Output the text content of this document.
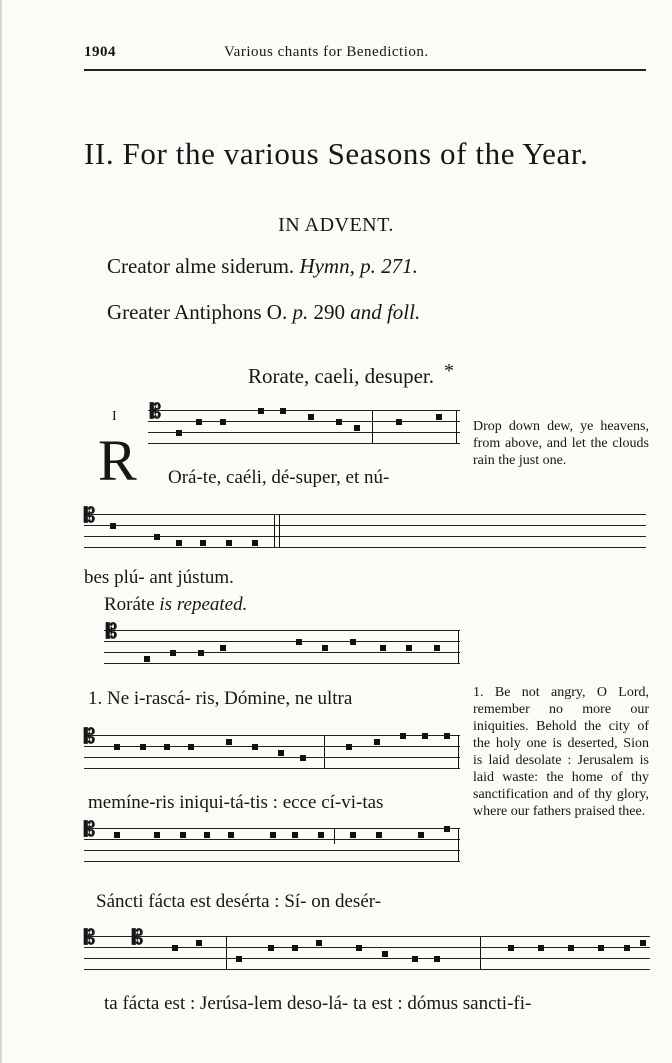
1904	Various chants for Benediction.
II. For the various Seasons of the Year.
IN ADVENT.
Creator alme siderum. Hymn, p. 271.
Greater Antiphons O. p. 290 and foll.
Rorate, caeli, desuper. *
I
R
𝄡
Orá-te, caéli, dé-super, et nú-
Drop down dew, ye heavens, from above, and let the clouds rain the just one.
𝄡
bes plú- ant jústum.
Roráte is repeated.
𝄡
1. Ne i-rascá- ris, Dómine, ne ultra	1. Be not angry, O Lord, remember no more our iniquities. Behold the city of the holy one is deserted, Sion is laid desolate : Jerusalem is laid waste: the home of thy sanctification and of thy glory, where our fathers praised thee.
𝄡
memíne-ris iniqui-tá-tis : ecce cí-vi-tas
𝄡
Sáncti fácta est desérta : Sí- on desér-
𝄡 𝄡
ta fácta est : Jerúsa-lem deso-lá- ta est : dómus sancti-fi-
